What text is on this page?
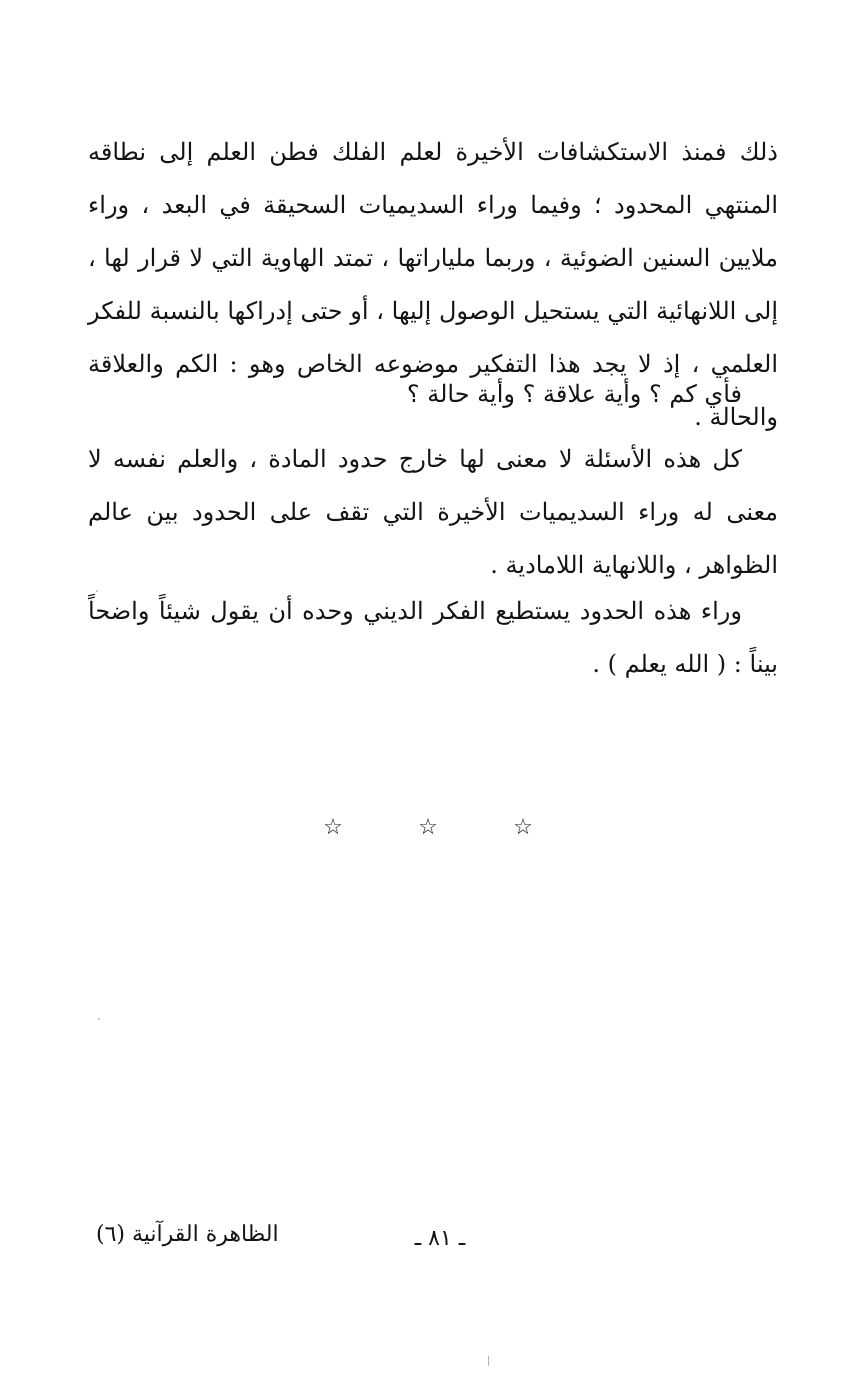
ذلك فمنذ الاستكشافات الأخيرة لعلم الفلك فطن العلم إلى نطاقه المنتهي المحدود ؛ وفيما وراء السديميات السحيقة في البعد ، وراء ملايين السنين الضوئية ، وربما ملياراتها ، تمتد الهاوية التي لا قرار لها ، إلى اللانهائية التي يستحيل الوصول إليها ، أو حتى إدراكها بالنسبة للفكر العلمي ، إذ لا يجد هذا التفكير موضوعه الخاص وهو : الكم والعلاقة والحالة .

فأي كم ؟ وأية علاقة ؟ وأية حالة ؟

كل هذه الأسئلة لا معنى لها خارج حدود المادة ، والعلم نفسه لا معنى له وراء السديميات الأخيرة التي تقف على الحدود بين عالم الظواهر ، واللانهاية اللامادية .

وراء هذه الحدود يستطيع الفكر الديني وحده أن يقول شيئاً واضحاً بيناً : ( الله يعلم ) .

☆	☆	☆
الظاهرة القرآنية (٦)	ـ ٨١ ـ
